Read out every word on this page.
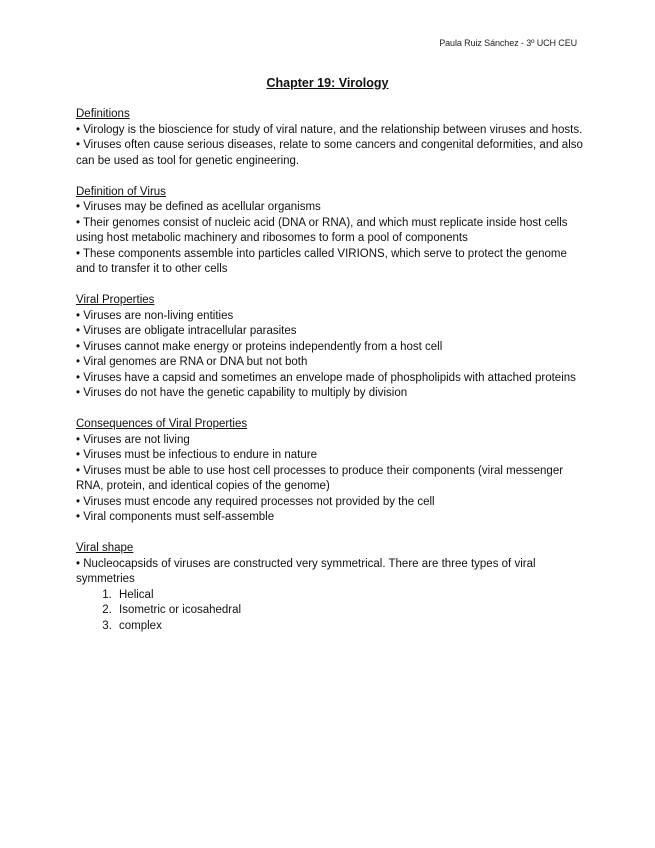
Paula Ruiz Sánchez - 3º UCH CEU
Chapter 19: Virology
Definitions

• Virology is the bioscience for study of viral nature, and the relationship between viruses and hosts.

• Viruses often cause serious diseases, relate to some cancers and congenital deformities, and also can be used as tool for genetic engineering.

Definition of Virus

• Viruses may be defined as acellular organisms

• Their genomes consist of nucleic acid (DNA or RNA), and which must replicate inside host cells using host metabolic machinery and ribosomes to form a pool of components

• These components assemble into particles called VIRIONS, which serve to protect the genome and to transfer it to other cells

Viral Properties

• Viruses are non-living entities

• Viruses are obligate intracellular parasites

• Viruses cannot make energy or proteins independently from a host cell

• Viral genomes are RNA or DNA but not both

• Viruses have a capsid and sometimes an envelope made of phospholipids with attached proteins

• Viruses do not have the genetic capability to multiply by division

Consequences of Viral Properties

• Viruses are not living

• Viruses must be infectious to endure in nature

• Viruses must be able to use host cell processes to produce their components (viral messenger RNA, protein, and identical copies of the genome)

• Viruses must encode any required processes not provided by the cell

• Viral components must self-assemble

Viral shape

• Nucleocapsids of viruses are constructed very symmetrical. There are three types of viral symmetries

1. Helical
2. Isometric or icosahedral
3. complex
